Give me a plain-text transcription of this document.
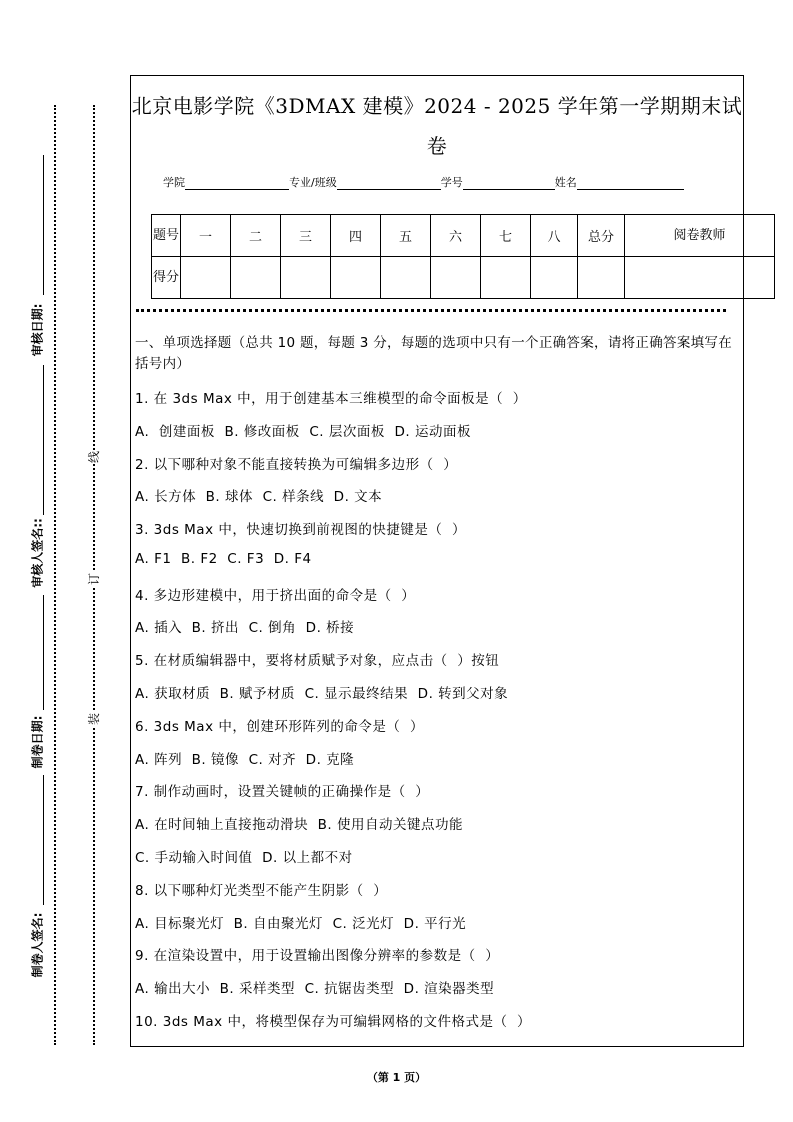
审核日期:
审核人签名::
制卷日期:
制卷人签名:
线
订
装
北京电影学院《3DMAX 建模》2024 - 2025 学年第一学期期末试
卷
学院	专业/班级	学号	姓名
题号	一	二	三	四	五	六	七	八	总分	阅卷教师
得分										
一、单项选择题（总共 10 题，每题 3 分，每题的选项中只有一个正确答案，请将正确答案填写在括号内）
1. 在 3ds Max 中，用于创建基本三维模型的命令面板是（  ）
A.  创建面板  B. 修改面板  C. 层次面板  D. 运动面板
2. 以下哪种对象不能直接转换为可编辑多边形（  ）
A. 长方体  B. 球体  C. 样条线  D. 文本
3. 3ds Max 中，快速切换到前视图的快捷键是（  ）
A. F1  B. F2  C. F3  D. F4
4. 多边形建模中，用于挤出面的命令是（  ）
A. 插入  B. 挤出  C. 倒角  D. 桥接
5. 在材质编辑器中，要将材质赋予对象，应点击（  ）按钮
A. 获取材质  B. 赋予材质  C. 显示最终结果  D. 转到父对象
6. 3ds Max 中，创建环形阵列的命令是（  ）
A. 阵列  B. 镜像  C. 对齐  D. 克隆
7. 制作动画时，设置关键帧的正确操作是（  ）
A. 在时间轴上直接拖动滑块  B. 使用自动关键点功能
C. 手动输入时间值  D. 以上都不对
8. 以下哪种灯光类型不能产生阴影（  ）
A. 目标聚光灯  B. 自由聚光灯  C. 泛光灯  D. 平行光
9. 在渲染设置中，用于设置输出图像分辨率的参数是（  ）
A. 输出大小  B. 采样类型  C. 抗锯齿类型  D. 渲染器类型
10. 3ds Max 中，将模型保存为可编辑网格的文件格式是（  ）
（第 1 页）
